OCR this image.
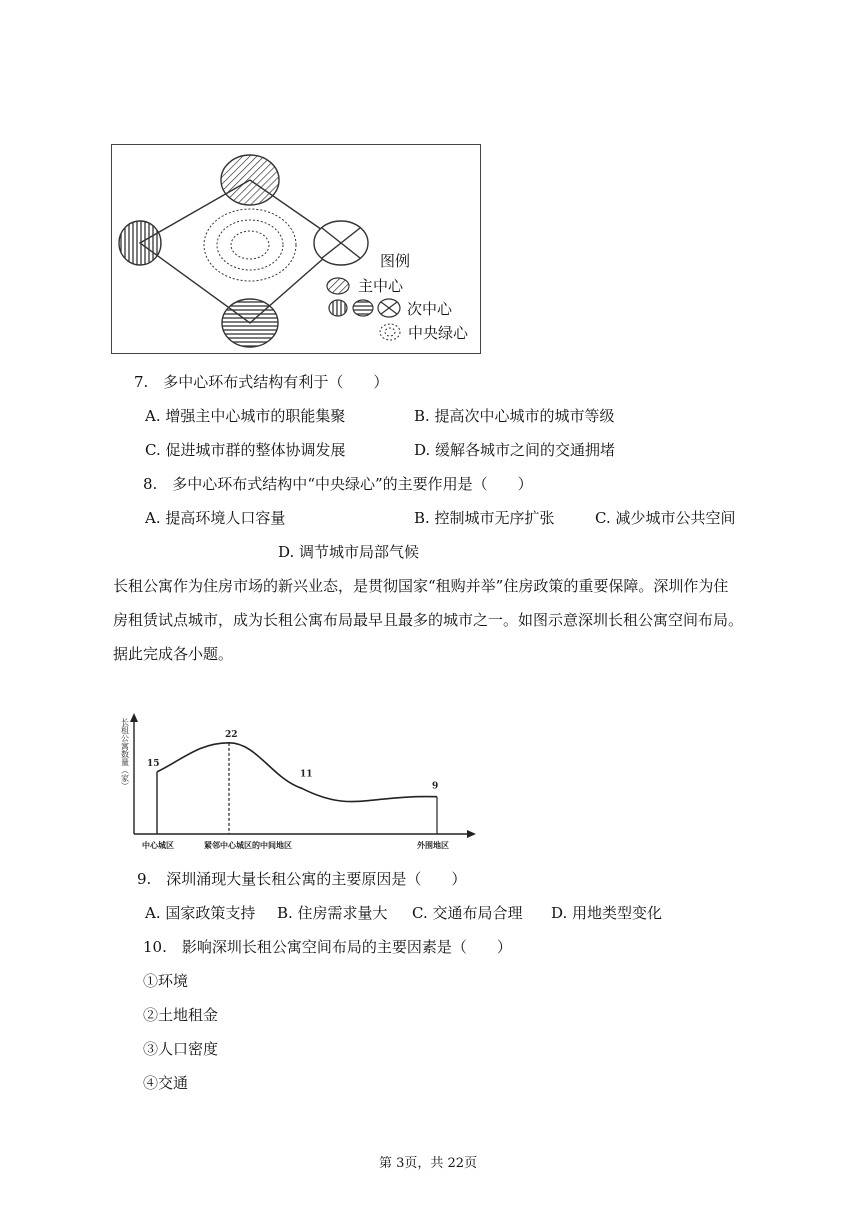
图例
主中心
次中心
中央绿心
7.　多中心环布式结构有利于（　　）
A. 增强主中心城市的职能集聚	B. 提高次中心城市的城市等级
C. 促进城市群的整体协调发展	D. 缓解各城市之间的交通拥堵
8.　多中心环布式结构中“中央绿心”的主要作用是（　　）
A. 提高环境人口容量	B. 控制城市无序扩张	C. 减少城市公共空间
D. 调节城市局部气候
长租公寓作为住房市场的新兴业态，是贯彻国家“租购并举”住房政策的重要保障。深圳作为住
房租赁试点城市，成为长租公寓布局最早且最多的城市之一。如图示意深圳长租公寓空间布局。
据此完成各小题。
长租公寓数量（家） 15
22
11
9
中心城区	紧邻中心城区的中间地区	外围地区
9.　深圳涌现大量长租公寓的主要原因是（　　）
A. 国家政策支持 B. 住房需求量大 C. 交通布局合理 D. 用地类型变化
10.　影响深圳长租公寓空间布局的主要因素是（　　）
①环境
②土地租金
③人口密度
④交通
第 3页，共 22页
